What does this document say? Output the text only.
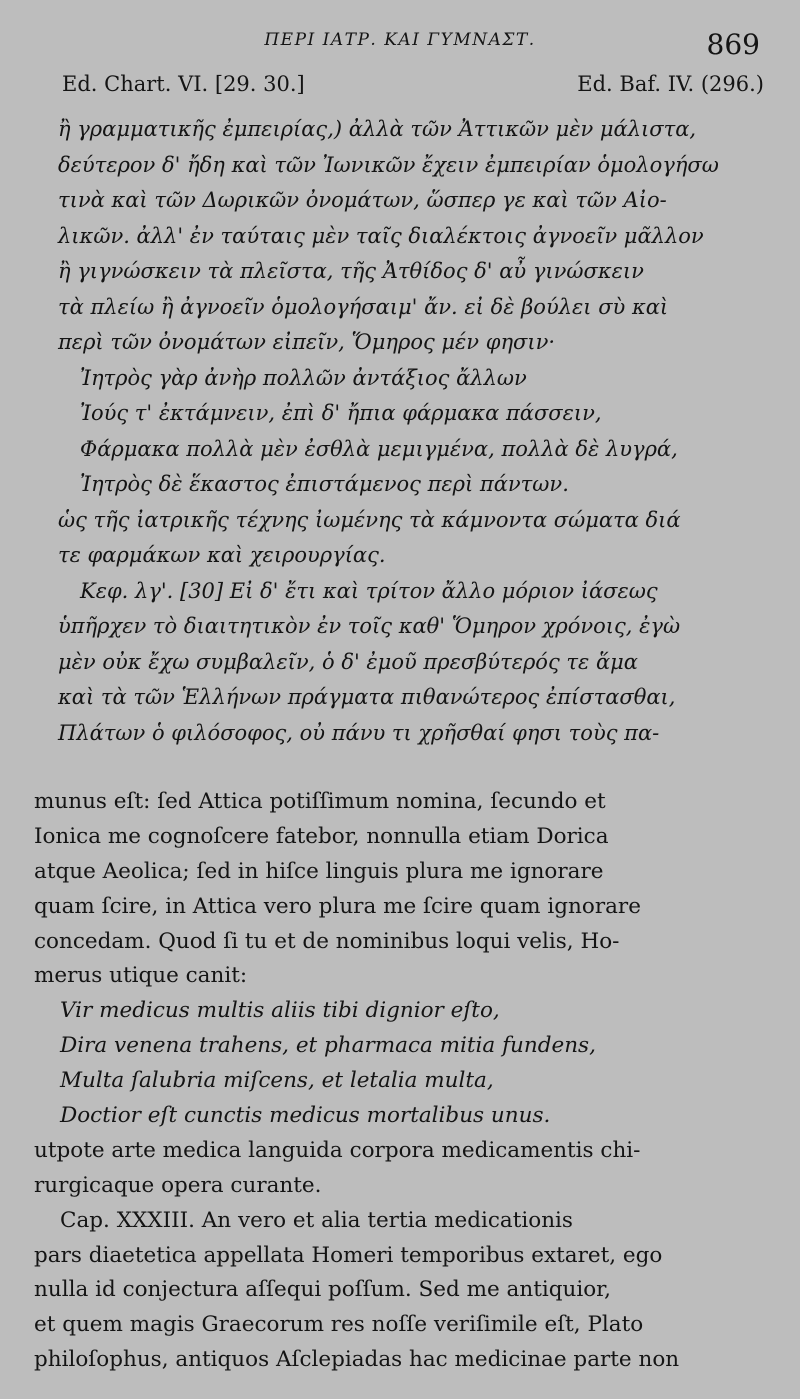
ΠΕΡΙ ΙΑΤΡ. ΚΑΙ ΓΥΜΝΑΣΤ.	869
Ed. Chart. VI. [29. 30.]	Ed. Baf. IV. (296.)
ἢ γραμματικῆς ἐμπειρίας,) ἀλλὰ τῶν Ἀττικῶν μὲν μάλιστα,
δεύτερον δ' ἤδη καὶ τῶν Ἰωνικῶν ἔχειν ἐμπειρίαν ὁμολογήσω
τινὰ καὶ τῶν Δωρικῶν ὀνομάτων, ὥσπερ γε καὶ τῶν Αἰο-
λικῶν. ἀλλ' ἐν ταύταις μὲν ταῖς διαλέκτοις ἀγνοεῖν μᾶλλον
ἢ γιγνώσκειν τὰ πλεῖστα, τῆς Ἀτθίδος δ' αὖ γινώσκειν
τὰ πλείω ἢ ἀγνοεῖν ὁμολογήσαιμ' ἄν. εἰ δὲ βούλει σὺ καὶ
περὶ τῶν ὀνομάτων εἰπεῖν, Ὅμηρος μέν φησιν·
Ἰητρὸς γὰρ ἀνὴρ πολλῶν ἀντάξιος ἄλλων
Ἰούς τ' ἐκτάμνειν, ἐπὶ δ' ἤπια φάρμακα πάσσειν,
Φάρμακα πολλὰ μὲν ἐσθλὰ μεμιγμένα, πολλὰ δὲ λυγρά,
Ἰητρὸς δὲ ἕκαστος ἐπιστάμενος περὶ πάντων.
ὡς τῆς ἰατρικῆς τέχνης ἰωμένης τὰ κάμνοντα σώματα διά
τε φαρμάκων καὶ χειρουργίας.
Κεφ. λγ'. [30] Εἰ δ' ἔτι καὶ τρίτον ἄλλο μόριον ἰάσεως
ὑπῆρχεν τὸ διαιτητικὸν ἐν τοῖς καθ' Ὅμηρον χρόνοις, ἐγὼ
μὲν οὐκ ἔχω συμβαλεῖν, ὁ δ' ἐμοῦ πρεσβύτερός τε ἅμα
καὶ τὰ τῶν Ἑλλήνων πράγματα πιθανώτερος ἐπίστασθαι,
Πλάτων ὁ φιλόσοφος, οὐ πάνυ τι χρῆσθαί φησι τοὺς πα-
munus eſt: ſed Attica potiſſimum nomina, ſecundo et
Ionica me cognoſcere fatebor, nonnulla etiam Dorica
atque Aeolica; ſed in hiſce linguis plura me ignorare
quam ſcire, in Attica vero plura me ſcire quam ignorare
concedam. Quod ſi tu et de nominibus loqui velis, Ho-
merus utique canit:
Vir medicus multis aliis tibi dignior eſto,
Dira venena trahens, et pharmaca mitia fundens,
Multa ſalubria miſcens, et letalia multa,
Doctior eſt cunctis medicus mortalibus unus.
utpote arte medica languida corpora medicamentis chi-
rurgicaque opera curante.
Cap. XXXIII. An vero et alia tertia medicationis
pars diaetetica appellata Homeri temporibus extaret, ego
nulla id conjectura aſſequi poſſum. Sed me antiquior,
et quem magis Graecorum res noſſe veriſimile eſt, Plato
philoſophus, antiquos Aſclepiadas hac medicinae parte non
